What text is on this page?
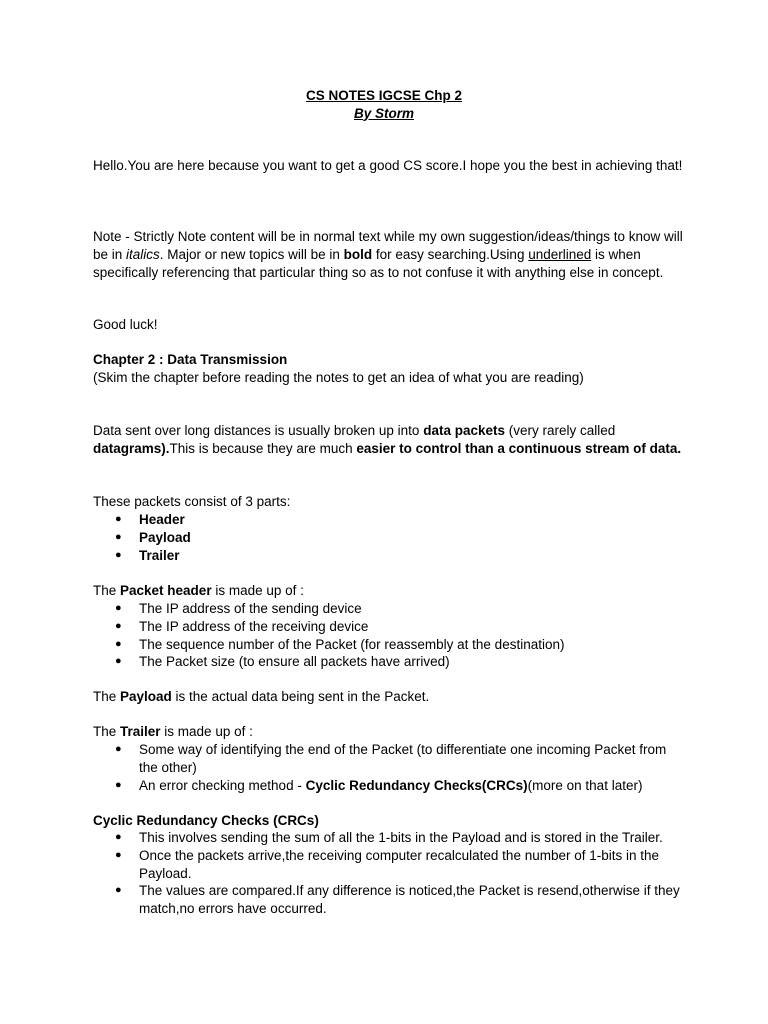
CS NOTES IGCSE Chp 2
By Storm

Hello.You are here because you want to get a good CS score.I hope you the best in achieving that!

Note - Strictly Note content will be in normal text while my own suggestion/ideas/things to know will be in italics. Major or new topics will be in bold for easy searching.Using underlined is when specifically referencing that particular thing so as to not confuse it with anything else in concept.

Good luck!

Chapter 2 : Data Transmission

(Skim the chapter before reading the notes to get an idea of what you are reading)

Data sent over long distances is usually broken up into data packets (very rarely called datagrams).This is because they are much easier to control than a continuous stream of data.

These packets consist of 3 parts:

● Header
● Payload
● Trailer

The Packet header is made up of :

● The IP address of the sending device
● The IP address of the receiving device
● The sequence number of the Packet (for reassembly at the destination)
● The Packet size (to ensure all packets have arrived)

The Payload is the actual data being sent in the Packet.

The Trailer is made up of :

● Some way of identifying the end of the Packet (to differentiate one incoming Packet from the other)
● An error checking method - Cyclic Redundancy Checks(CRCs)(more on that later)

Cyclic Redundancy Checks (CRCs)

● This involves sending the sum of all the 1-bits in the Payload and is stored in the Trailer.
● Once the packets arrive,the receiving computer recalculated the number of 1-bits in the Payload.
● The values are compared.If any difference is noticed,the Packet is resend,otherwise if they match,no errors have occurred.
